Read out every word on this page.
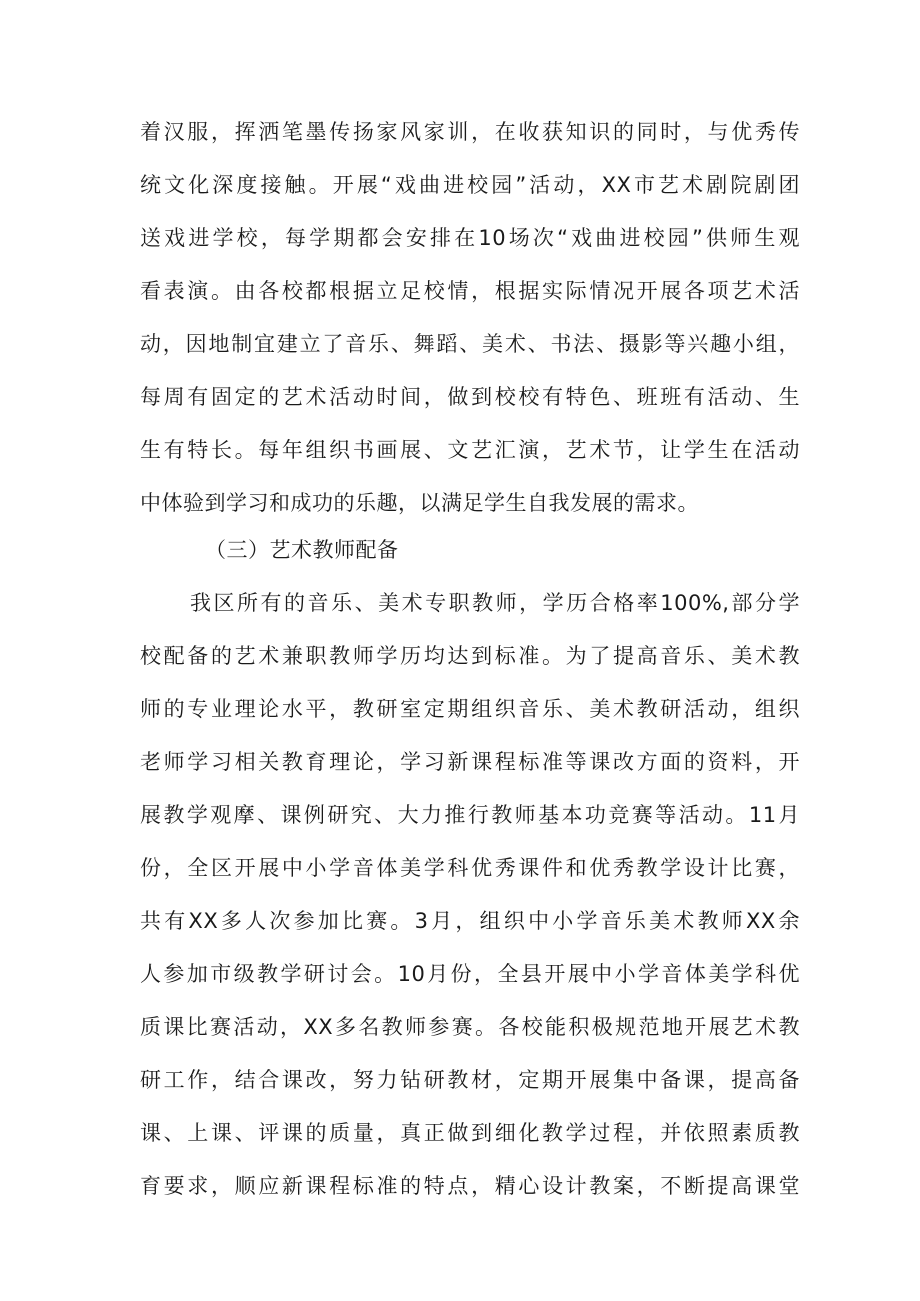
着汉服，挥洒笔墨传扬家风家训，在收获知识的同时，与优秀传
统文化深度接触。开展“戏曲进校园”活动，XX市艺术剧院剧团
送戏进学校，每学期都会安排在10场次“戏曲进校园”供师生观
看表演。由各校都根据立足校情，根据实际情况开展各项艺术活
动，因地制宜建立了音乐、舞蹈、美术、书法、摄影等兴趣小组，
每周有固定的艺术活动时间，做到校校有特色、班班有活动、生
生有特长。每年组织书画展、文艺汇演，艺术节，让学生在活动
中体验到学习和成功的乐趣，以满足学生自我发展的需求。
（三）艺术教师配备
我区所有的音乐、美术专职教师，学历合格率100%,部分学
校配备的艺术兼职教师学历均达到标准。为了提高音乐、美术教
师的专业理论水平，教研室定期组织音乐、美术教研活动，组织
老师学习相关教育理论，学习新课程标准等课改方面的资料，开
展教学观摩、课例研究、大力推行教师基本功竞赛等活动。11月
份，全区开展中小学音体美学科优秀课件和优秀教学设计比赛，
共有XX多人次参加比赛。3月，组织中小学音乐美术教师XX余
人参加市级教学研讨会。10月份，全县开展中小学音体美学科优
质课比赛活动，XX多名教师参赛。各校能积极规范地开展艺术教
研工作，结合课改，努力钻研教材，定期开展集中备课，提高备
课、上课、评课的质量，真正做到细化教学过程，并依照素质教
育要求，顺应新课程标准的特点，精心设计教案，不断提高课堂
